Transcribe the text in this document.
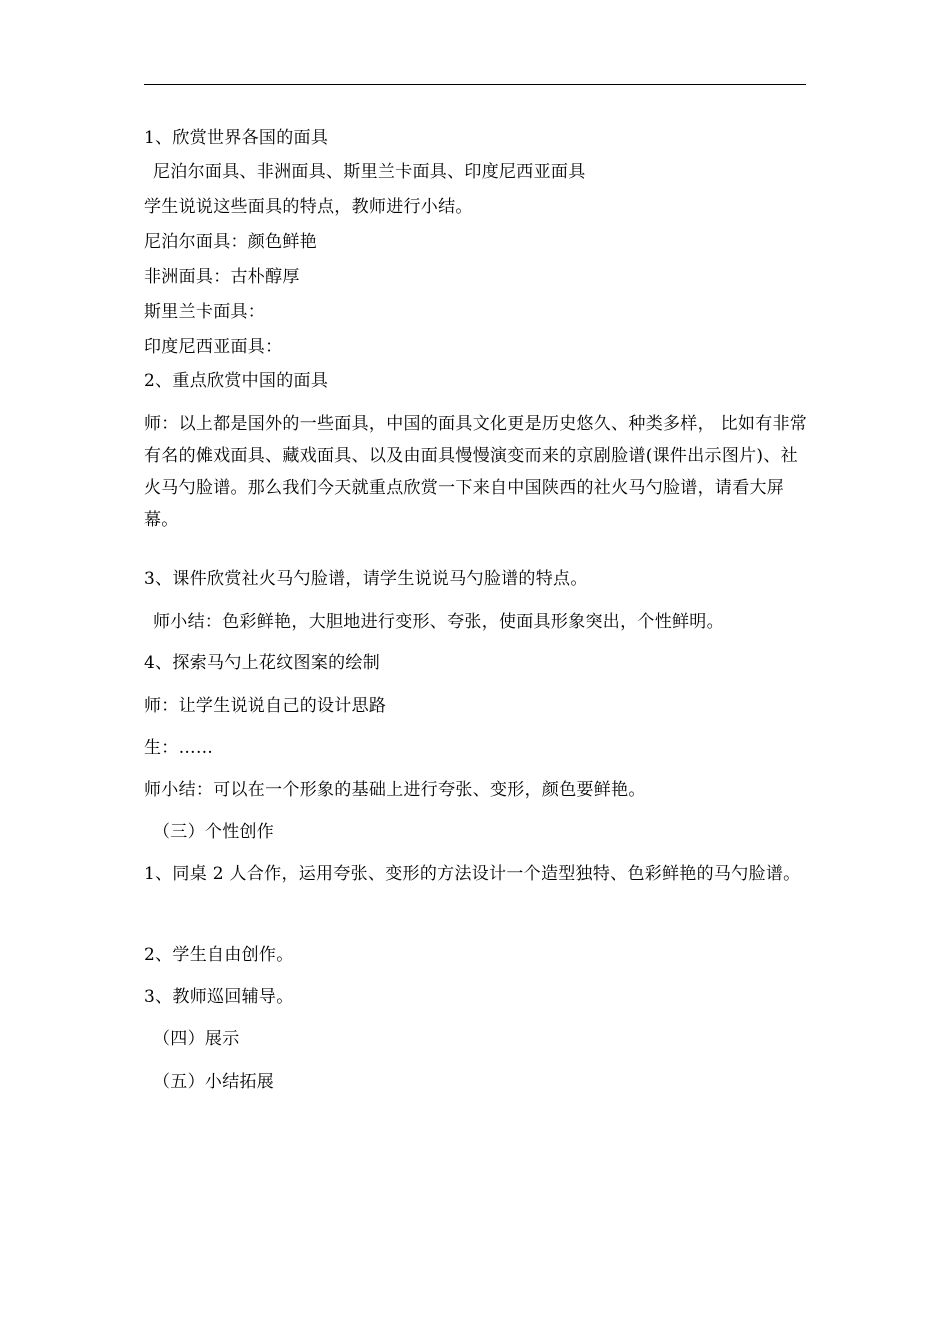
1、欣赏世界各国的面具
尼泊尔面具、非洲面具、斯里兰卡面具、印度尼西亚面具
学生说说这些面具的特点，教师进行小结。
尼泊尔面具：颜色鲜艳
非洲面具：古朴醇厚
斯里兰卡面具：
印度尼西亚面具：
2、重点欣赏中国的面具
师：以上都是国外的一些面具，中国的面具文化更是历史悠久、种类多样， 比如有非常有名的傩戏面具、藏戏面具、以及由面具慢慢演变而来的京剧脸谱(课件出示图片)、社火马勺脸谱。那么我们今天就重点欣赏一下来自中国陕西的社火马勺脸谱，请看大屏幕。
3、课件欣赏社火马勺脸谱，请学生说说马勺脸谱的特点。
师小结：色彩鲜艳，大胆地进行变形、夸张，使面具形象突出，个性鲜明。
4、探索马勺上花纹图案的绘制
师：让学生说说自己的设计思路
生：……
师小结：可以在一个形象的基础上进行夸张、变形，颜色要鲜艳。
（三）个性创作
1、同桌 2 人合作，运用夸张、变形的方法设计一个造型独特、色彩鲜艳的马勺脸谱。
2、学生自由创作。
3、教师巡回辅导。
（四）展示
（五）小结拓展
